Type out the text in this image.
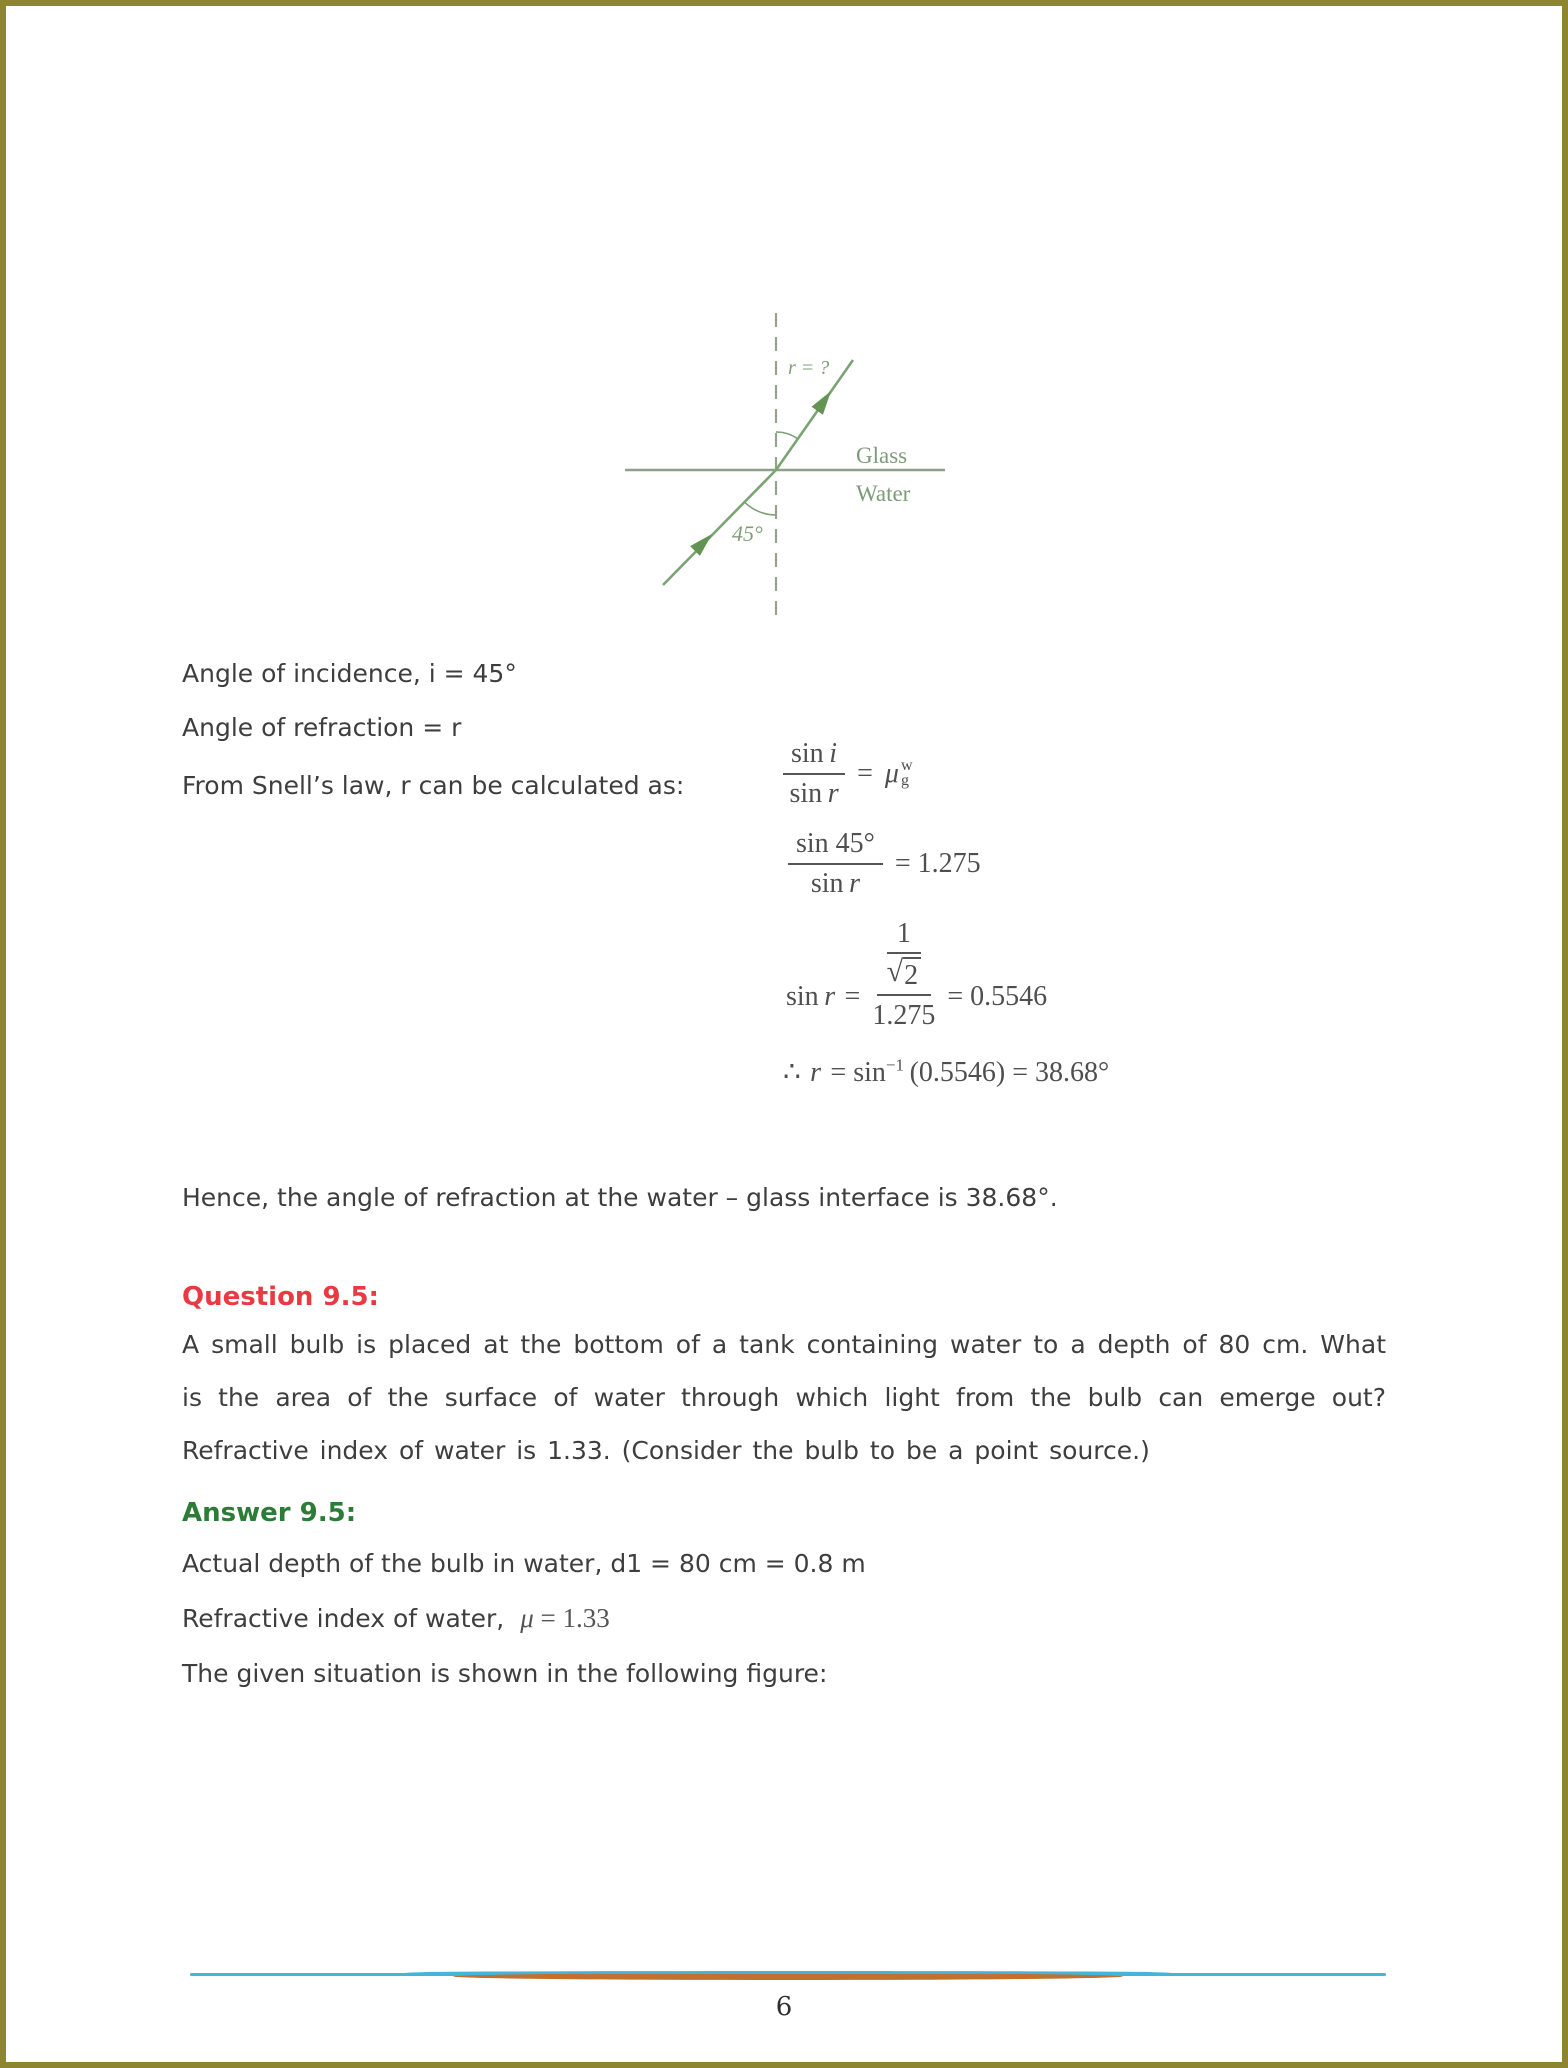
r = ?
Glass
Water
45°
Angle of incidence, i = 45°
Angle of refraction = r
From Snell’s law, r can be calculated as:	$\frac{\text{sin  i}}{\text{sin  r}} = \mu$ w
g
$\frac{\sin 45^\circ}{\text{sin  r}} = 1.275$
sin  r  = $\frac{\frac{1}{√ 2}}{1.275} = 0.5546$
∴  r  = $\sin^{-1} (0.5546) = 38.68^\circ$
Hence, the angle of refraction at the water – glass interface is 38.68°.
Question 9.5:
A small bulb is placed at the bottom of a tank containing water to a depth of 80 cm. What is the area of the surface of water through which light from the bulb can emerge out? Refractive index of water is 1.33. (Consider the bulb to be a point source.)
Answer 9.5:
Actual depth of the bulb in water, d1 = 80 cm = 0.8 m
Refractive index of water, μ = 1.33
The given situation is shown in the following figure:
6
